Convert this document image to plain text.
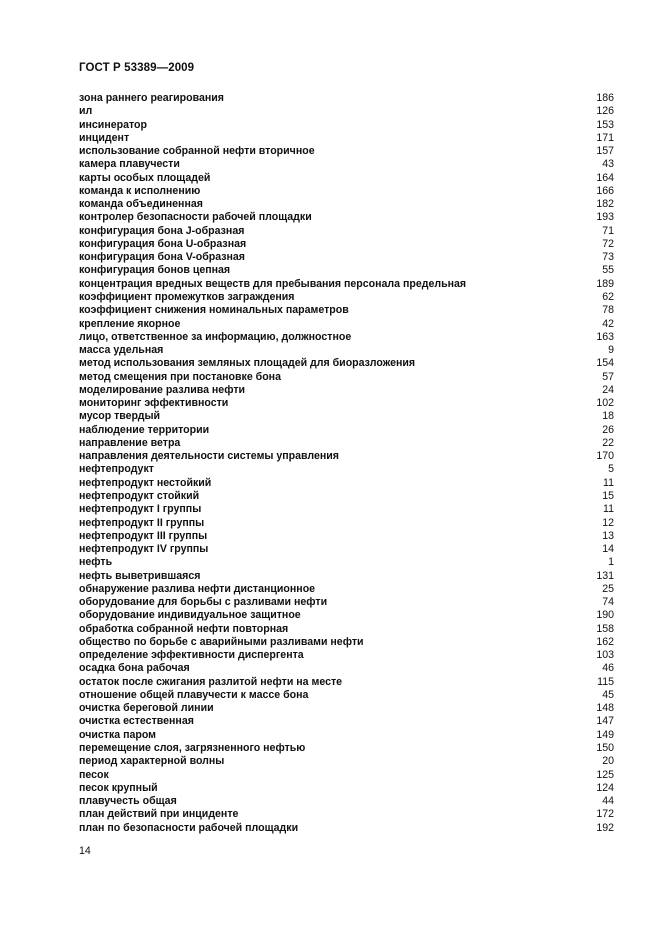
ГОСТ Р 53389—2009
зона раннего реагирования	186
ил	126
инсинератор	153
инцидент	171
использование собранной нефти вторичное	157
камера плавучести	43
карты особых площадей	164
команда к исполнению	166
команда объединенная	182
контролер безопасности рабочей площадки	193
конфигурация бона J-образная	71
конфигурация бона U-образная	72
конфигурация бона V-образная	73
конфигурация бонов цепная	55
концентрация вредных веществ для пребывания персонала предельная	189
коэффициент промежутков заграждения	62
коэффициент снижения номинальных параметров	78
крепление якорное	42
лицо, ответственное за информацию, должностное	163
масса удельная	9
метод использования земляных площадей для биоразложения	154
метод смещения при постановке бона	57
моделирование разлива нефти	24
мониторинг эффективности	102
мусор твердый	18
наблюдение территории	26
направление ветра	22
направления деятельности системы управления	170
нефтепродукт	5
нефтепродукт нестойкий	11
нефтепродукт стойкий	15
нефтепродукт I группы	11
нефтепродукт II группы	12
нефтепродукт III группы	13
нефтепродукт IV группы	14
нефть	1
нефть выветрившаяся	131
обнаружение разлива нефти дистанционное	25
оборудование для борьбы с разливами нефти	74
оборудование индивидуальное защитное	190
обработка собранной нефти повторная	158
общество по борьбе с аварийными разливами нефти	162
определение эффективности диспергента	103
осадка бона рабочая	46
остаток после сжигания разлитой нефти на месте	115
отношение общей плавучести к массе бона	45
очистка береговой линии	148
очистка естественная	147
очистка паром	149
перемещение слоя, загрязненного нефтью	150
период характерной волны	20
песок	125
песок крупный	124
плавучесть общая	44
план действий при инциденте	172
план по безопасности рабочей площадки	192
14
